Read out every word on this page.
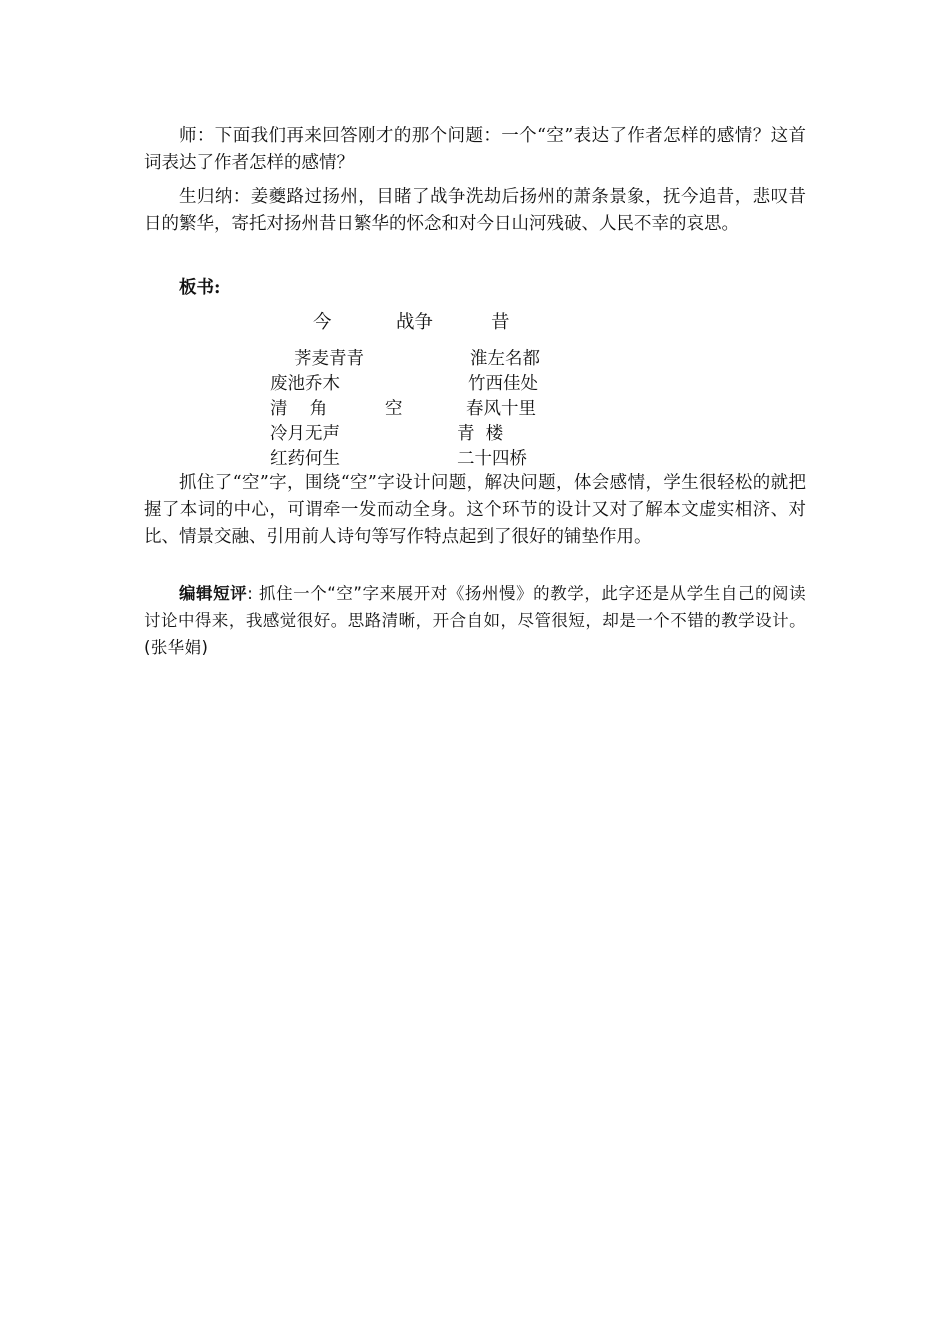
师：下面我们再来回答刚才的那个问题：一个“空”表达了作者怎样的感情？这首词表达了作者怎样的感情？

生归纳：姜夔路过扬州，目睹了战争洗劫后扬州的萧条景象，抚今追昔，悲叹昔日的繁华，寄托对扬州昔日繁华的怀念和对今日山河残破、人民不幸的哀思。

板书:
今	战争	昔
荠麦青青
废池乔木
清    角
冷月无声
红药何生
空
淮左名都
竹西佳处
春风十里
青  楼
二十四桥

抓住了“空”字，围绕“空”字设计问题，解决问题，体会感情，学生很轻松的就把握了本词的中心，可谓牵一发而动全身。这个环节的设计又对了解本文虚实相济、对比、情景交融、引用前人诗句等写作特点起到了很好的铺垫作用。

编辑短评: 抓住一个“空”字来展开对《扬州慢》的教学，此字还是从学生自己的阅读讨论中得来，我感觉很好。思路清晰，开合自如，尽管很短，却是一个不错的教学设计。(张华娟)
